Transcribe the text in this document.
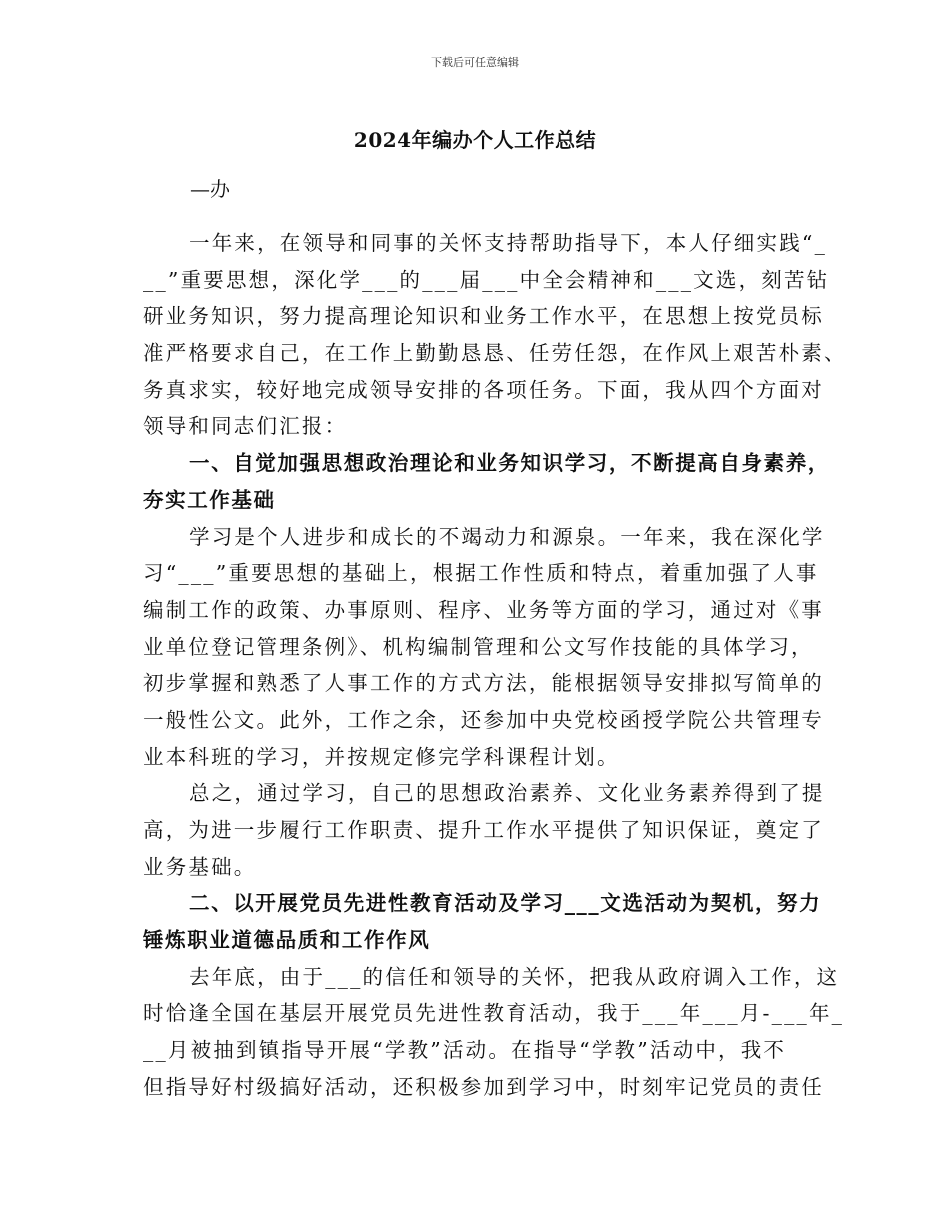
下载后可任意编辑
2024年编办个人工作总结
—办
一年来，在领导和同事的关怀支持帮助指导下，本人仔细实践“_
__”重要思想，深化学___的___届___中全会精神和___文选，刻苦钻
研业务知识，努力提高理论知识和业务工作水平，在思想上按党员标
准严格要求自己，在工作上勤勤恳恳、任劳任怨，在作风上艰苦朴素、
务真求实，较好地完成领导安排的各项任务。下面，我从四个方面对
领导和同志们汇报：
一、自觉加强思想政治理论和业务知识学习，不断提高自身素养，
夯实工作基础
学习是个人进步和成长的不竭动力和源泉。一年来，我在深化学
习“___”重要思想的基础上，根据工作性质和特点，着重加强了人事
编制工作的政策、办事原则、程序、业务等方面的学习，通过对《事
业单位登记管理条例》、机构编制管理和公文写作技能的具体学习，
初步掌握和熟悉了人事工作的方式方法，能根据领导安排拟写简单的
一般性公文。此外，工作之余，还参加中央党校函授学院公共管理专
业本科班的学习，并按规定修完学科课程计划。
总之，通过学习，自己的思想政治素养、文化业务素养得到了提
高，为进一步履行工作职责、提升工作水平提供了知识保证，奠定了
业务基础。
二、以开展党员先进性教育活动及学习___文选活动为契机，努力
锤炼职业道德品质和工作作风
去年底，由于___的信任和领导的关怀，把我从政府调入工作，这
时恰逢全国在基层开展党员先进性教育活动，我于___年___月-___年_
__月被抽到镇指导开展“学教”活动。在指导“学教”活动中，我不
但指导好村级搞好活动，还积极参加到学习中，时刻牢记党员的责任
